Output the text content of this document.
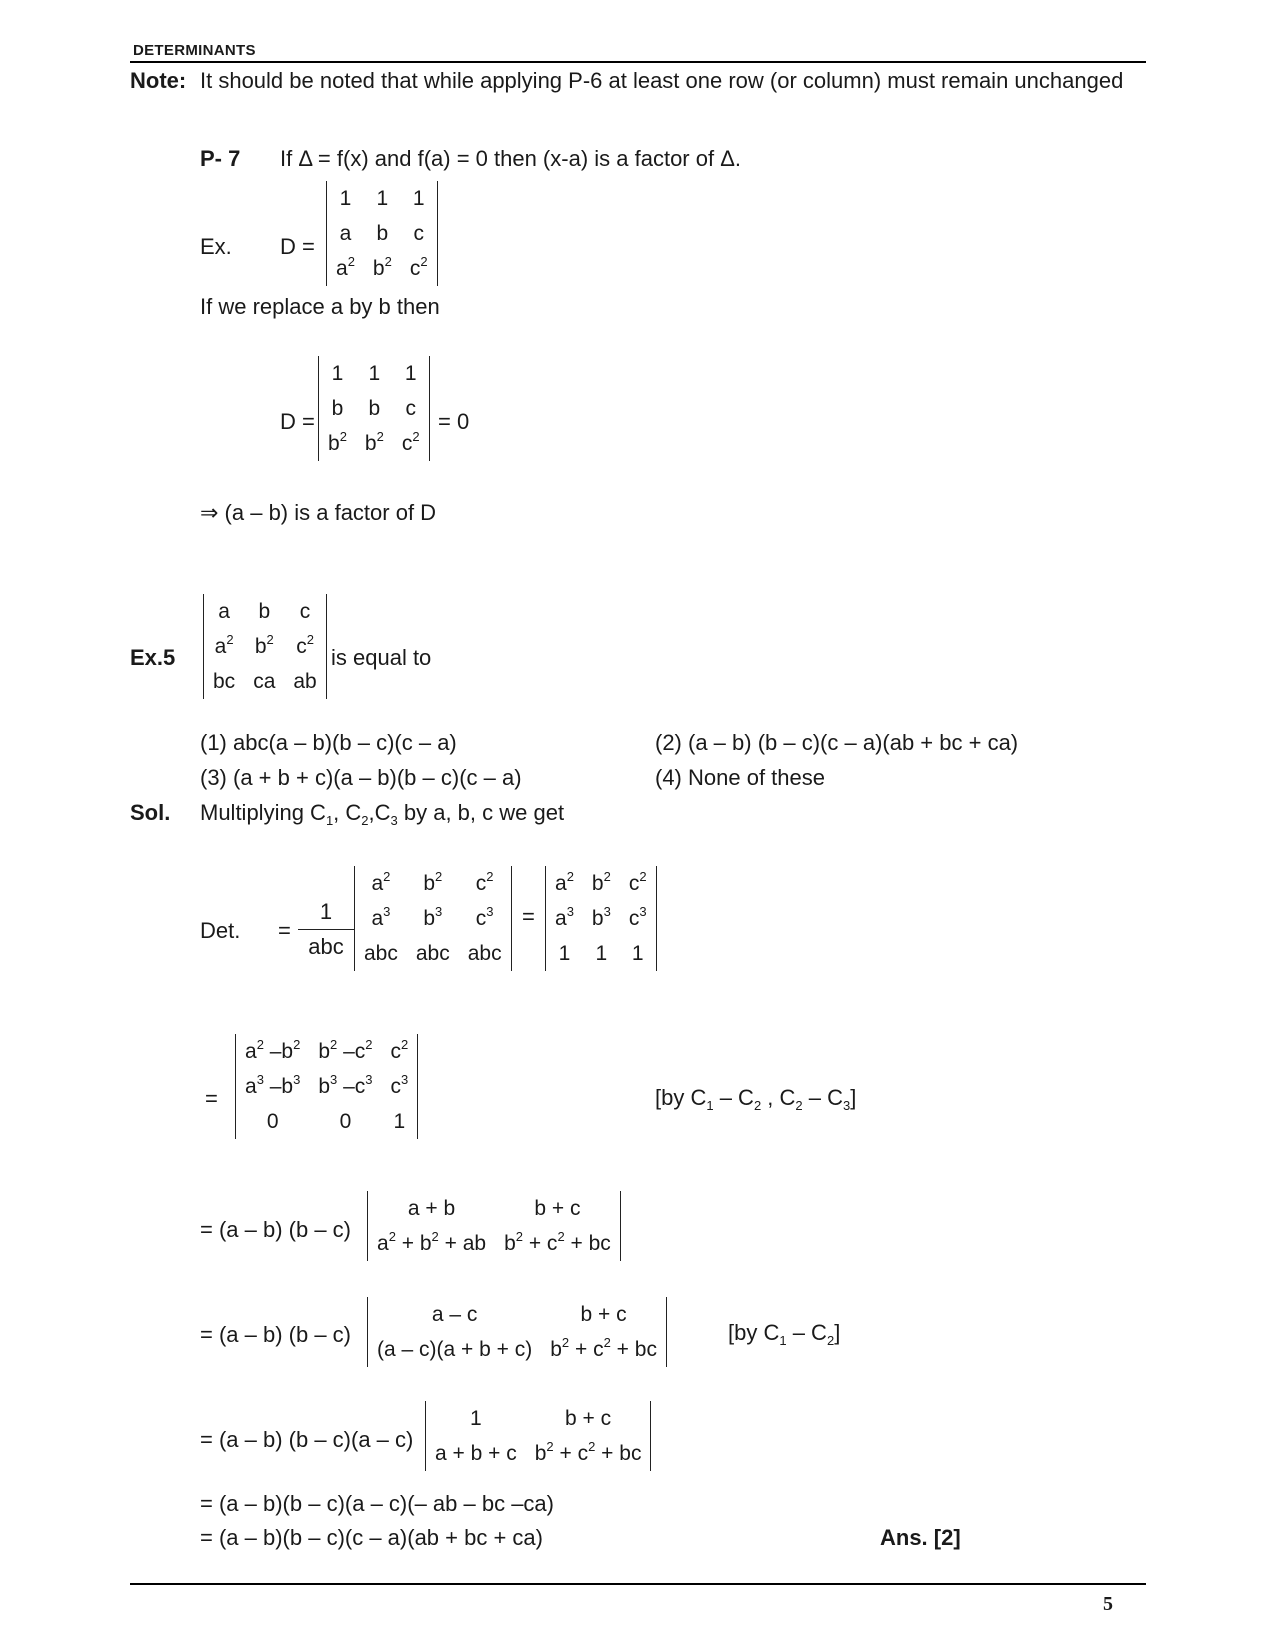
DETERMINANTS
Note: It should be noted that while applying P-6 at least one row (or column) must remain unchanged
P- 7 If Δ = f(x) and f(a) = 0 then (x-a) is a factor of Δ.
Ex. D =
1	1	1
a	b	c
$a^2$	$b^2$	$c^2$
If we replace a by b then
D =
1	1	1
b	b	c
$b^2$	$b^2$	$c^2$
= 0
⇒ (a – b) is a factor of D
Ex.5
a	b	c
$a^2$	$b^2$	$c^2$
bc	ca	ab
is equal to
(1) abc(a – b)(b – c)(c – a)	(2) (a – b) (b – c)(c – a)(ab + bc + ca)
(3) (a + b + c)(a – b)(b – c)(c – a)	(4) None of these
Sol. Multiplying $C_1$, $C_2,C_3$ by a, b, c we get
Det. =
1
abc
$a^2$	$b^2$	$c^2$
$a^3$	$b^3$	$c^3$
abc	abc	abc
=
$a^2$	$b^2$	$c^2$
$a^3$	$b^3$	$c^3$
1	1	1
=
$a^2$ $-b^2$	$b^2$ $-c^2$	$c^2$
$a^3$ $-b^3$	$b^3$ $-c^3$	$c^3$
0	0	1
[by $C_1 - C_2$ , $C_2 - C_3$]
= (a – b) (b – c)
a + b	b + c
$a^2 + b^2$ + ab	$b^2 + c^2$ + bc
= (a – b) (b – c)
a – c	b + c
(a – c)(a + b + c)	$b^2 + c^2$ + bc
[by $C_1 - C_2$]
= (a – b) (b – c)(a – c)
1	b + c
a + b + c	$b^2 + c^2$ + bc
= (a – b)(b – c)(a – c)(– ab – bc –ca)
= (a – b)(b – c)(c – a)(ab + bc + ca)	Ans. [2]
5
